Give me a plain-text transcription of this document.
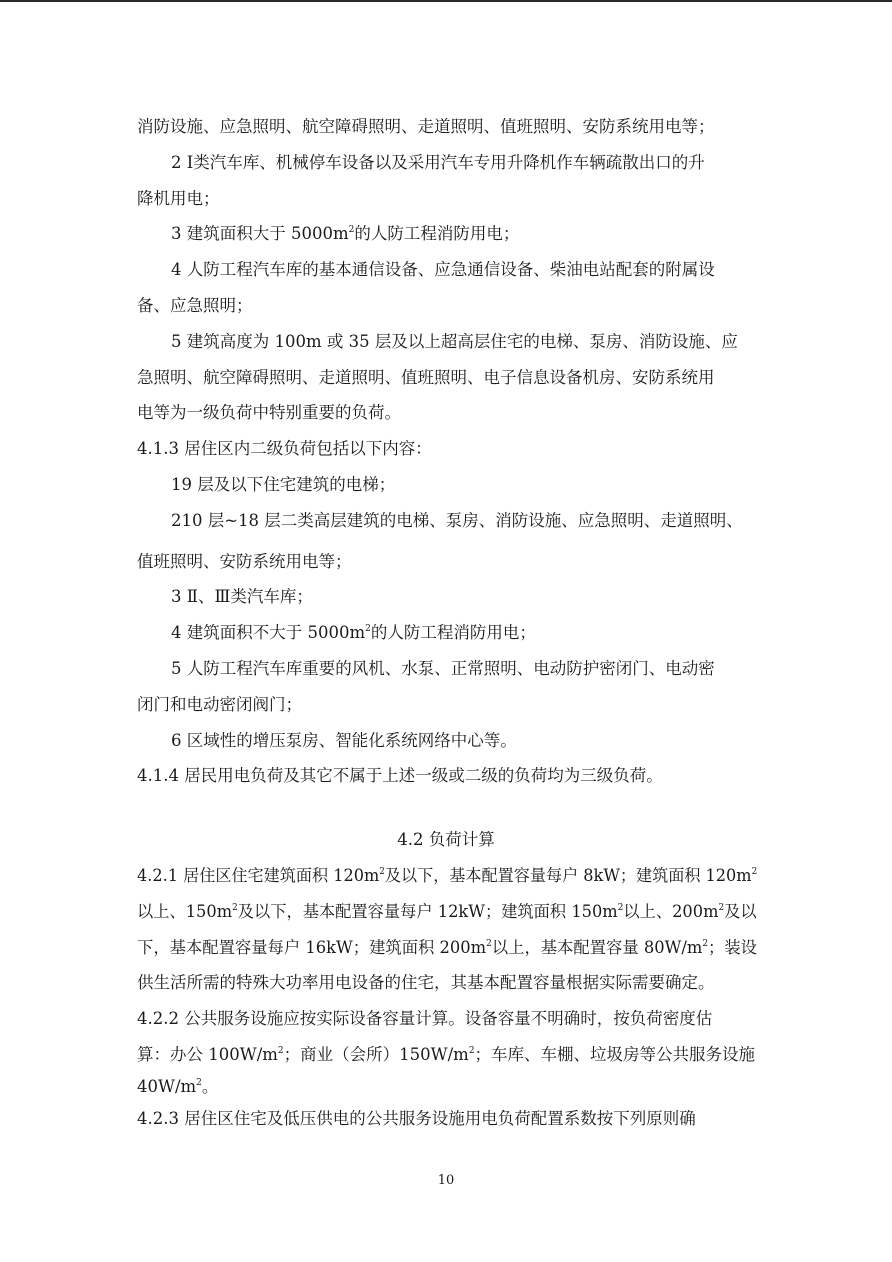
消防设施、应急照明、航空障碍照明、走道照明、值班照明、安防系统用电等；
2 Ⅰ类汽车库、机械停车设备以及采用汽车专用升降机作车辆疏散出口的升
降机用电；
3 建筑面积大于 $5000m^2$的人防工程消防用电；
4 人防工程汽车库的基本通信设备、应急通信设备、柴油电站配套的附属设
备、应急照明；
5 建筑高度为 100m 或 35 层及以上超高层住宅的电梯、泵房、消防设施、应
急照明、航空障碍照明、走道照明、值班照明、电子信息设备机房、安防系统用
电等为一级负荷中特别重要的负荷。
4.1.3 居住区内二级负荷包括以下内容：
19 层及以下住宅建筑的电梯；
210 层~18 层二类高层建筑的电梯、泵房、消防设施、应急照明、走道照明、
值班照明、安防系统用电等；
3 Ⅱ、Ⅲ类汽车库；
4 建筑面积不大于 $5000m^2$的人防工程消防用电；
5 人防工程汽车库重要的风机、水泵、正常照明、电动防护密闭门、电动密
闭门和电动密闭阀门；
6 区域性的增压泵房、智能化系统网络中心等。
4.1.4 居民用电负荷及其它不属于上述一级或二级的负荷均为三级负荷。
4.2 负荷计算
4.2.1 居住区住宅建筑面积 $120m^2$及以下，基本配置容量每户 8kW；建筑面积 $120m^2$
以上、$150m^2$及以下，基本配置容量每户 12kW；建筑面积 $150m^2$以上、$200m^2$及以
下，基本配置容量每户 16kW；建筑面积 $200m^2$以上，基本配置容量 $80W/m^2$；装设
供生活所需的特殊大功率用电设备的住宅，其基本配置容量根据实际需要确定。
4.2.2 公共服务设施应按实际设备容量计算。设备容量不明确时，按负荷密度估
算：办公 $100W/m^2$；商业（会所）$150W/m^2$；车库、车棚、垃圾房等公共服务设施
$40W/m^2$。
4.2.3 居住区住宅及低压供电的公共服务设施用电负荷配置系数按下列原则确
10
